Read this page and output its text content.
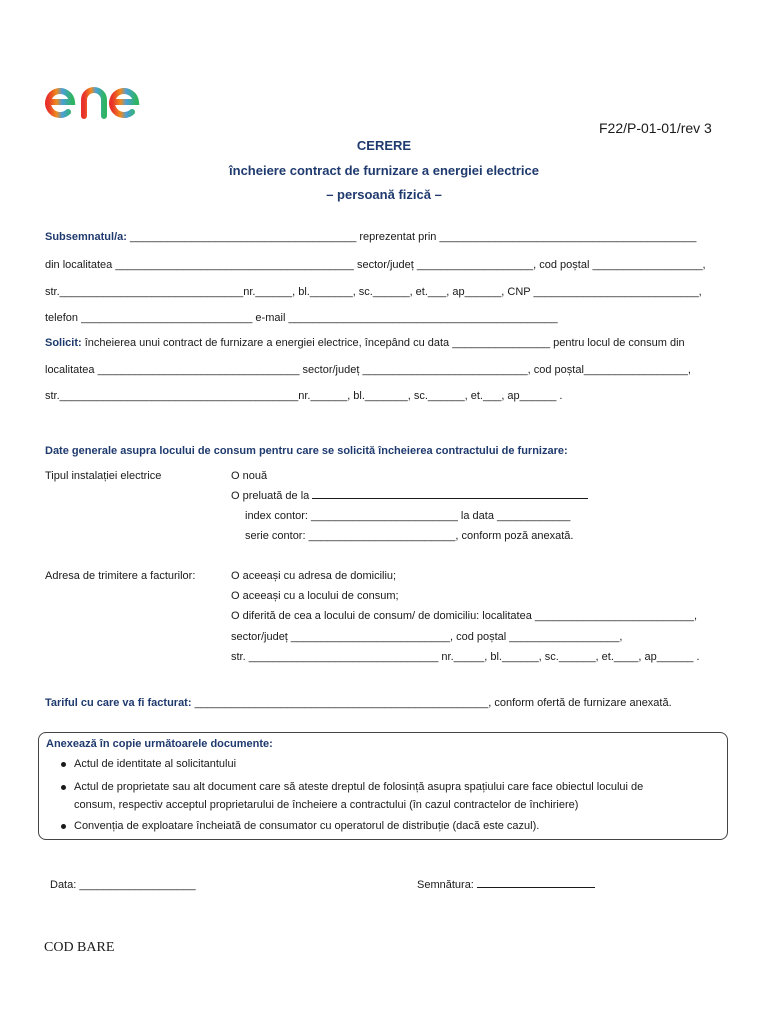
F22/P-01-01/rev 3
CERERE
încheiere contract de furnizare a energiei electrice
– persoană fizică –
Subsemnatul/a: _____________________________________ reprezentat prin __________________________________________
din localitatea _______________________________________ sector/județ ___________________, cod poștal __________________,
str.______________________________nr.______, bl._______, sc.______, et.___, ap______, CNP ___________________________,
telefon ____________________________ e-mail ____________________________________________
Solicit: încheierea unui contract de furnizare a energiei electrice, începând cu data ________________ pentru locul de consum din
localitatea _________________________________ sector/județ ___________________________, cod poștal_________________,
str._______________________________________nr.______, bl._______, sc.______, et.___, ap______ .
Date generale asupra locului de consum pentru care se solicită încheierea contractului de furnizare:
Tipul instalației electrice	O nouă
O preluată de la
index contor: ________________________ la data ____________
serie contor: ________________________, conform poză anexată.
Adresa de trimitere a facturilor:	O aceeași cu adresa de domiciliu;
O aceeași cu a locului de consum;
O diferită de cea a locului de consum/ de domiciliu: localitatea __________________________,
sector/județ __________________________, cod poștal __________________,
str. _______________________________ nr._____, bl.______, sc.______, et.____, ap______ .
Tariful cu care va fi facturat: ________________________________________________, conform ofertă de furnizare anexată.
Anexează în copie următoarele documente:
Actul de identitate al solicitantului
Actul de proprietate sau alt document care să ateste dreptul de folosință asupra spațiului care face obiectul locului de
consum, respectiv acceptul proprietarului de încheiere a contractului (în cazul contractelor de închiriere)
Convenția de exploatare încheiată de consumator cu operatorul de distribuție (dacă este cazul).
Data: ___________________	Semnătura:
COD BARE
